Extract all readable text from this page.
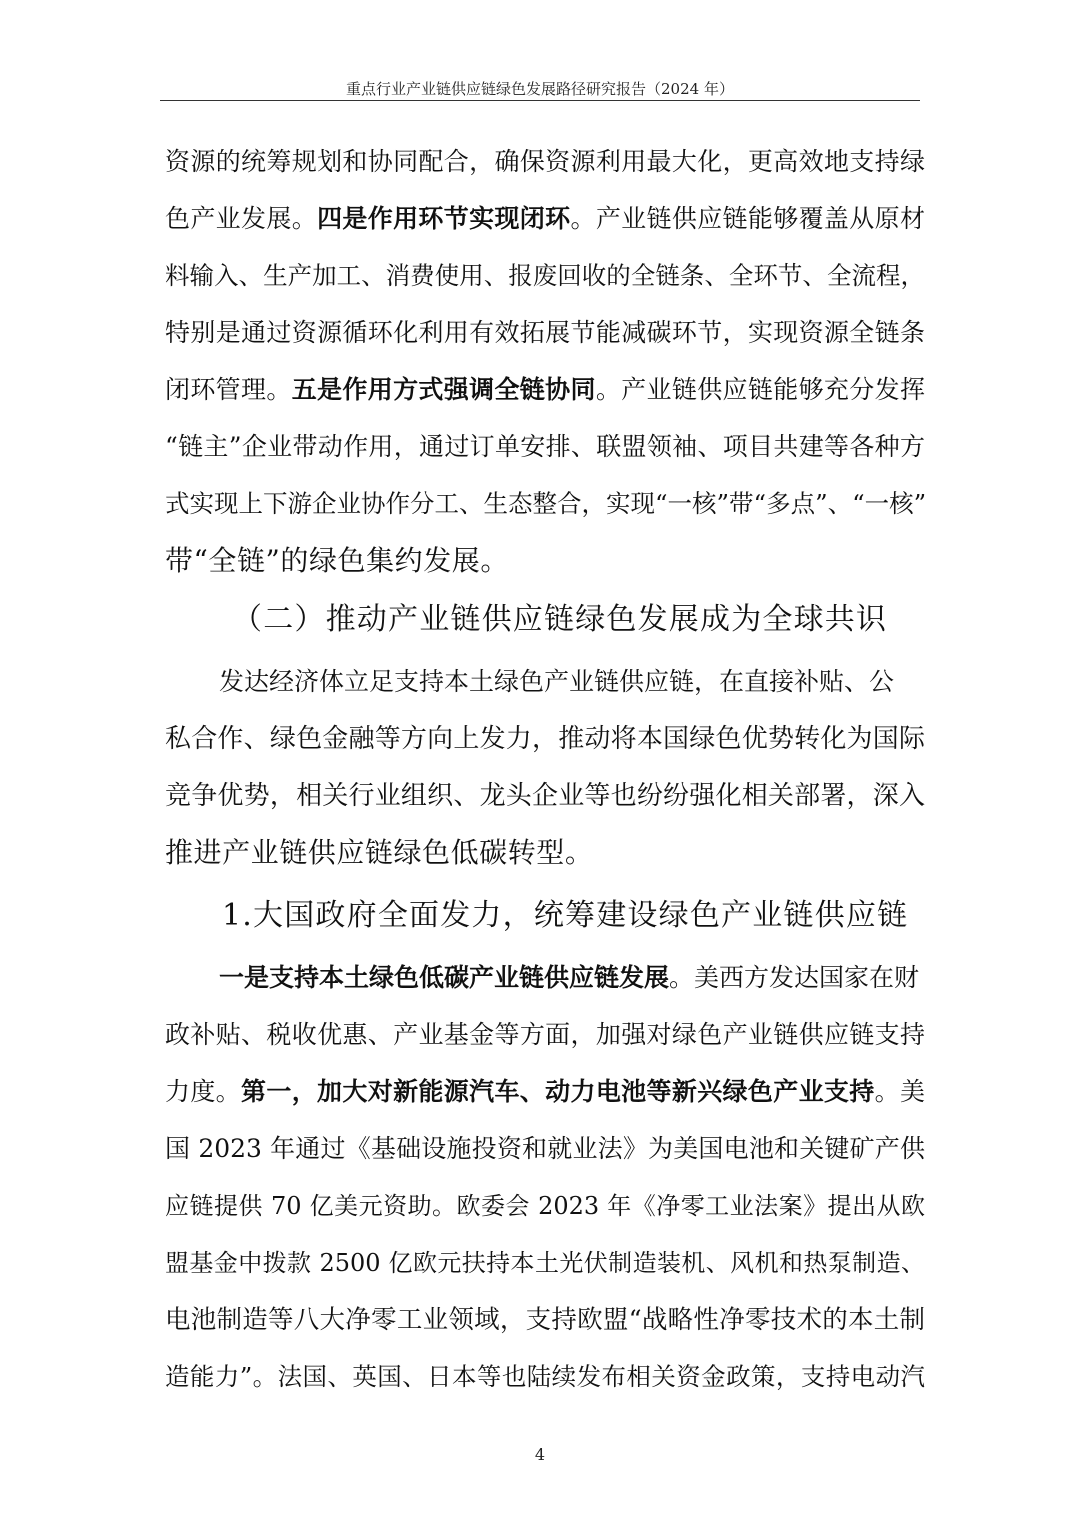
重点行业产业链供应链绿色发展路径研究报告（2024 年）
资源的统筹规划和协同配合，确保资源利用最大化，更高效地支持绿
色产业发展。四是作用环节实现闭环。产业链供应链能够覆盖从原材
料输入、生产加工、消费使用、报废回收的全链条、全环节、全流程，
特别是通过资源循环化利用有效拓展节能减碳环节，实现资源全链条
闭环管理。五是作用方式强调全链协同。产业链供应链能够充分发挥
“链主”企业带动作用，通过订单安排、联盟领袖、项目共建等各种方
式实现上下游企业协作分工、生态整合，实现“一核”带“多点”、“一核”
带“全链”的绿色集约发展。
（二）推动产业链供应链绿色发展成为全球共识
发达经济体立足支持本土绿色产业链供应链，在直接补贴、公
私合作、绿色金融等方向上发力，推动将本国绿色优势转化为国际
竞争优势，相关行业组织、龙头企业等也纷纷强化相关部署，深入
推进产业链供应链绿色低碳转型。
1.大国政府全面发力，统筹建设绿色产业链供应链
一是支持本土绿色低碳产业链供应链发展。美西方发达国家在财
政补贴、税收优惠、产业基金等方面，加强对绿色产业链供应链支持
力度。第一，加大对新能源汽车、动力电池等新兴绿色产业支持。美
国 2023 年通过《基础设施投资和就业法》为美国电池和关键矿产供
应链提供 70 亿美元资助。欧委会 2023 年《净零工业法案》提出从欧
盟基金中拨款 2500 亿欧元扶持本土光伏制造装机、风机和热泵制造、
电池制造等八大净零工业领域，支持欧盟“战略性净零技术的本土制
造能力”。法国、英国、日本等也陆续发布相关资金政策，支持电动汽
4
